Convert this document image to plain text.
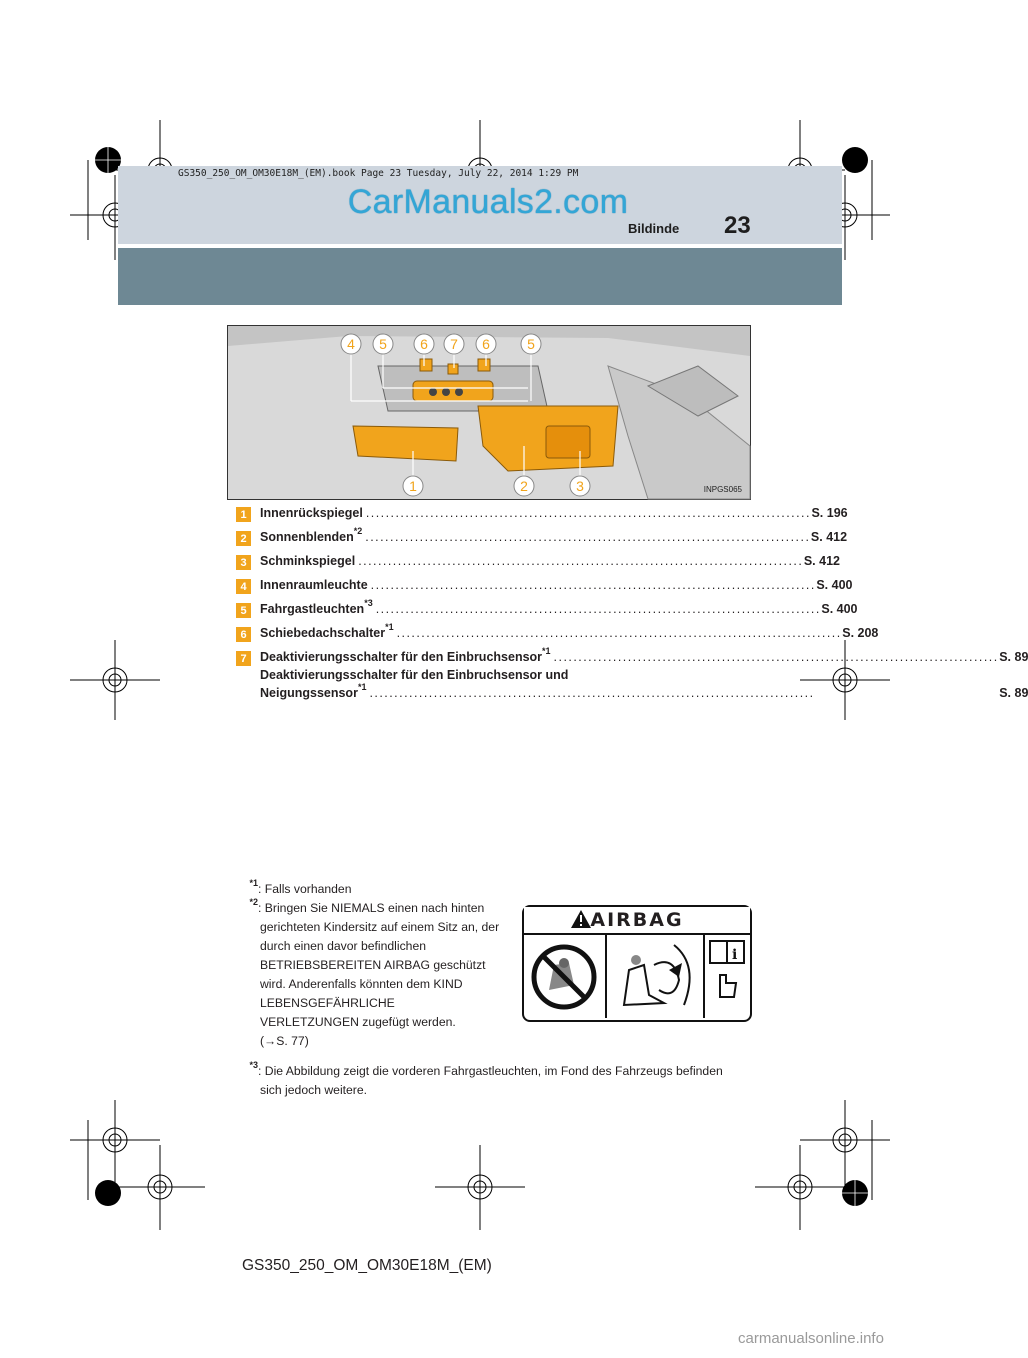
GS350_250_OM_OM30E18M_(EM).book Page 23 Tuesday, July 22, 2014 1:29 PM
CarManuals2.com
Bildinde 23
4 5 6 7 6	5
1	2	3	INPGS065
1	Innenrückspiegel . . .	S. 196
2	Sonnenblenden$^{*2}$ . . .	S. 412
3	Schminkspiegel . . .	S. 412
4	Innenraumleuchte . . .	S. 400
5	Fahrgastleuchten$^{*3}$ . . .	S. 400
6	Schiebedachschalter$^{*1}$ . . .	S. 208
7	Deaktivierungsschalter für den Einbruchsensor$^{*1}$ . . .	S. 89
Deaktivierungsschalter für den Einbruchsensor und
Neigungssensor$^{*1}$ . . .	S. 89
$^{*1}$: Falls vorhanden
$^{*2}$: Bringen Sie NIEMALS einen nach hinten
gerichteten Kindersitz auf einem Sitz an, der
durch einen davor befindlichen
BETRIEBSBEREITEN AIRBAG geschützt
wird. Anderenfalls könnten dem KIND
LEBENSGEFÄHRLICHE
VERLETZUNGEN zugefügt werden.
(→S. 77)
$^{*3}$: Die Abbildung zeigt die vorderen Fahrgastleuchten, im Fond des Fahrzeugs befinden
sich jedoch weitere.
AIRBAG
i
GS350_250_OM_OM30E18M_(EM)
carmanualsonline.info
